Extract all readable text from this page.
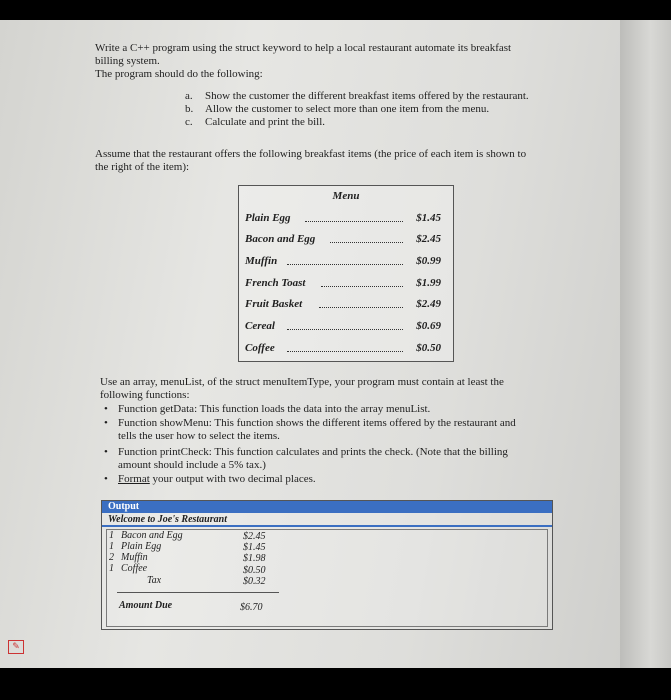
Write a C++ program using the struct keyword to help a local restaurant automate its breakfast
billing system.
The program should do the following:
a. Show the customer the different breakfast items offered by the restaurant.
b. Allow the customer to select more than one item from the menu.
c. Calculate and print the bill.
Assume that the restaurant offers the following breakfast items (the price of each item is shown to
the right of the item):
Menu
Plain Egg	$1.45
Bacon and Egg	$2.45
Muffin	$0.99
French Toast	$1.99
Fruit Basket	$2.49
Cereal	$0.69
Coffee	$0.50
Use an array, menuList, of the struct menuItemType, your program must contain at least the
following functions:
• Function getData: This function loads the data into the array menuList.
• Function showMenu: This function shows the different items offered by the restaurant and
tells the user how to select the items.
• Function printCheck: This function calculates and prints the check. (Note that the billing
amount should include a 5% tax.)
• Format your output with two decimal places.
Output
Welcome to Joe's Restaurant
1 Bacon and Egg	$2.45
1 Plain Egg	$1.45
2 Muffin	$1.98
1 Coffee	$0.50
Tax	$0.32
Amount Due	$6.70
✎
